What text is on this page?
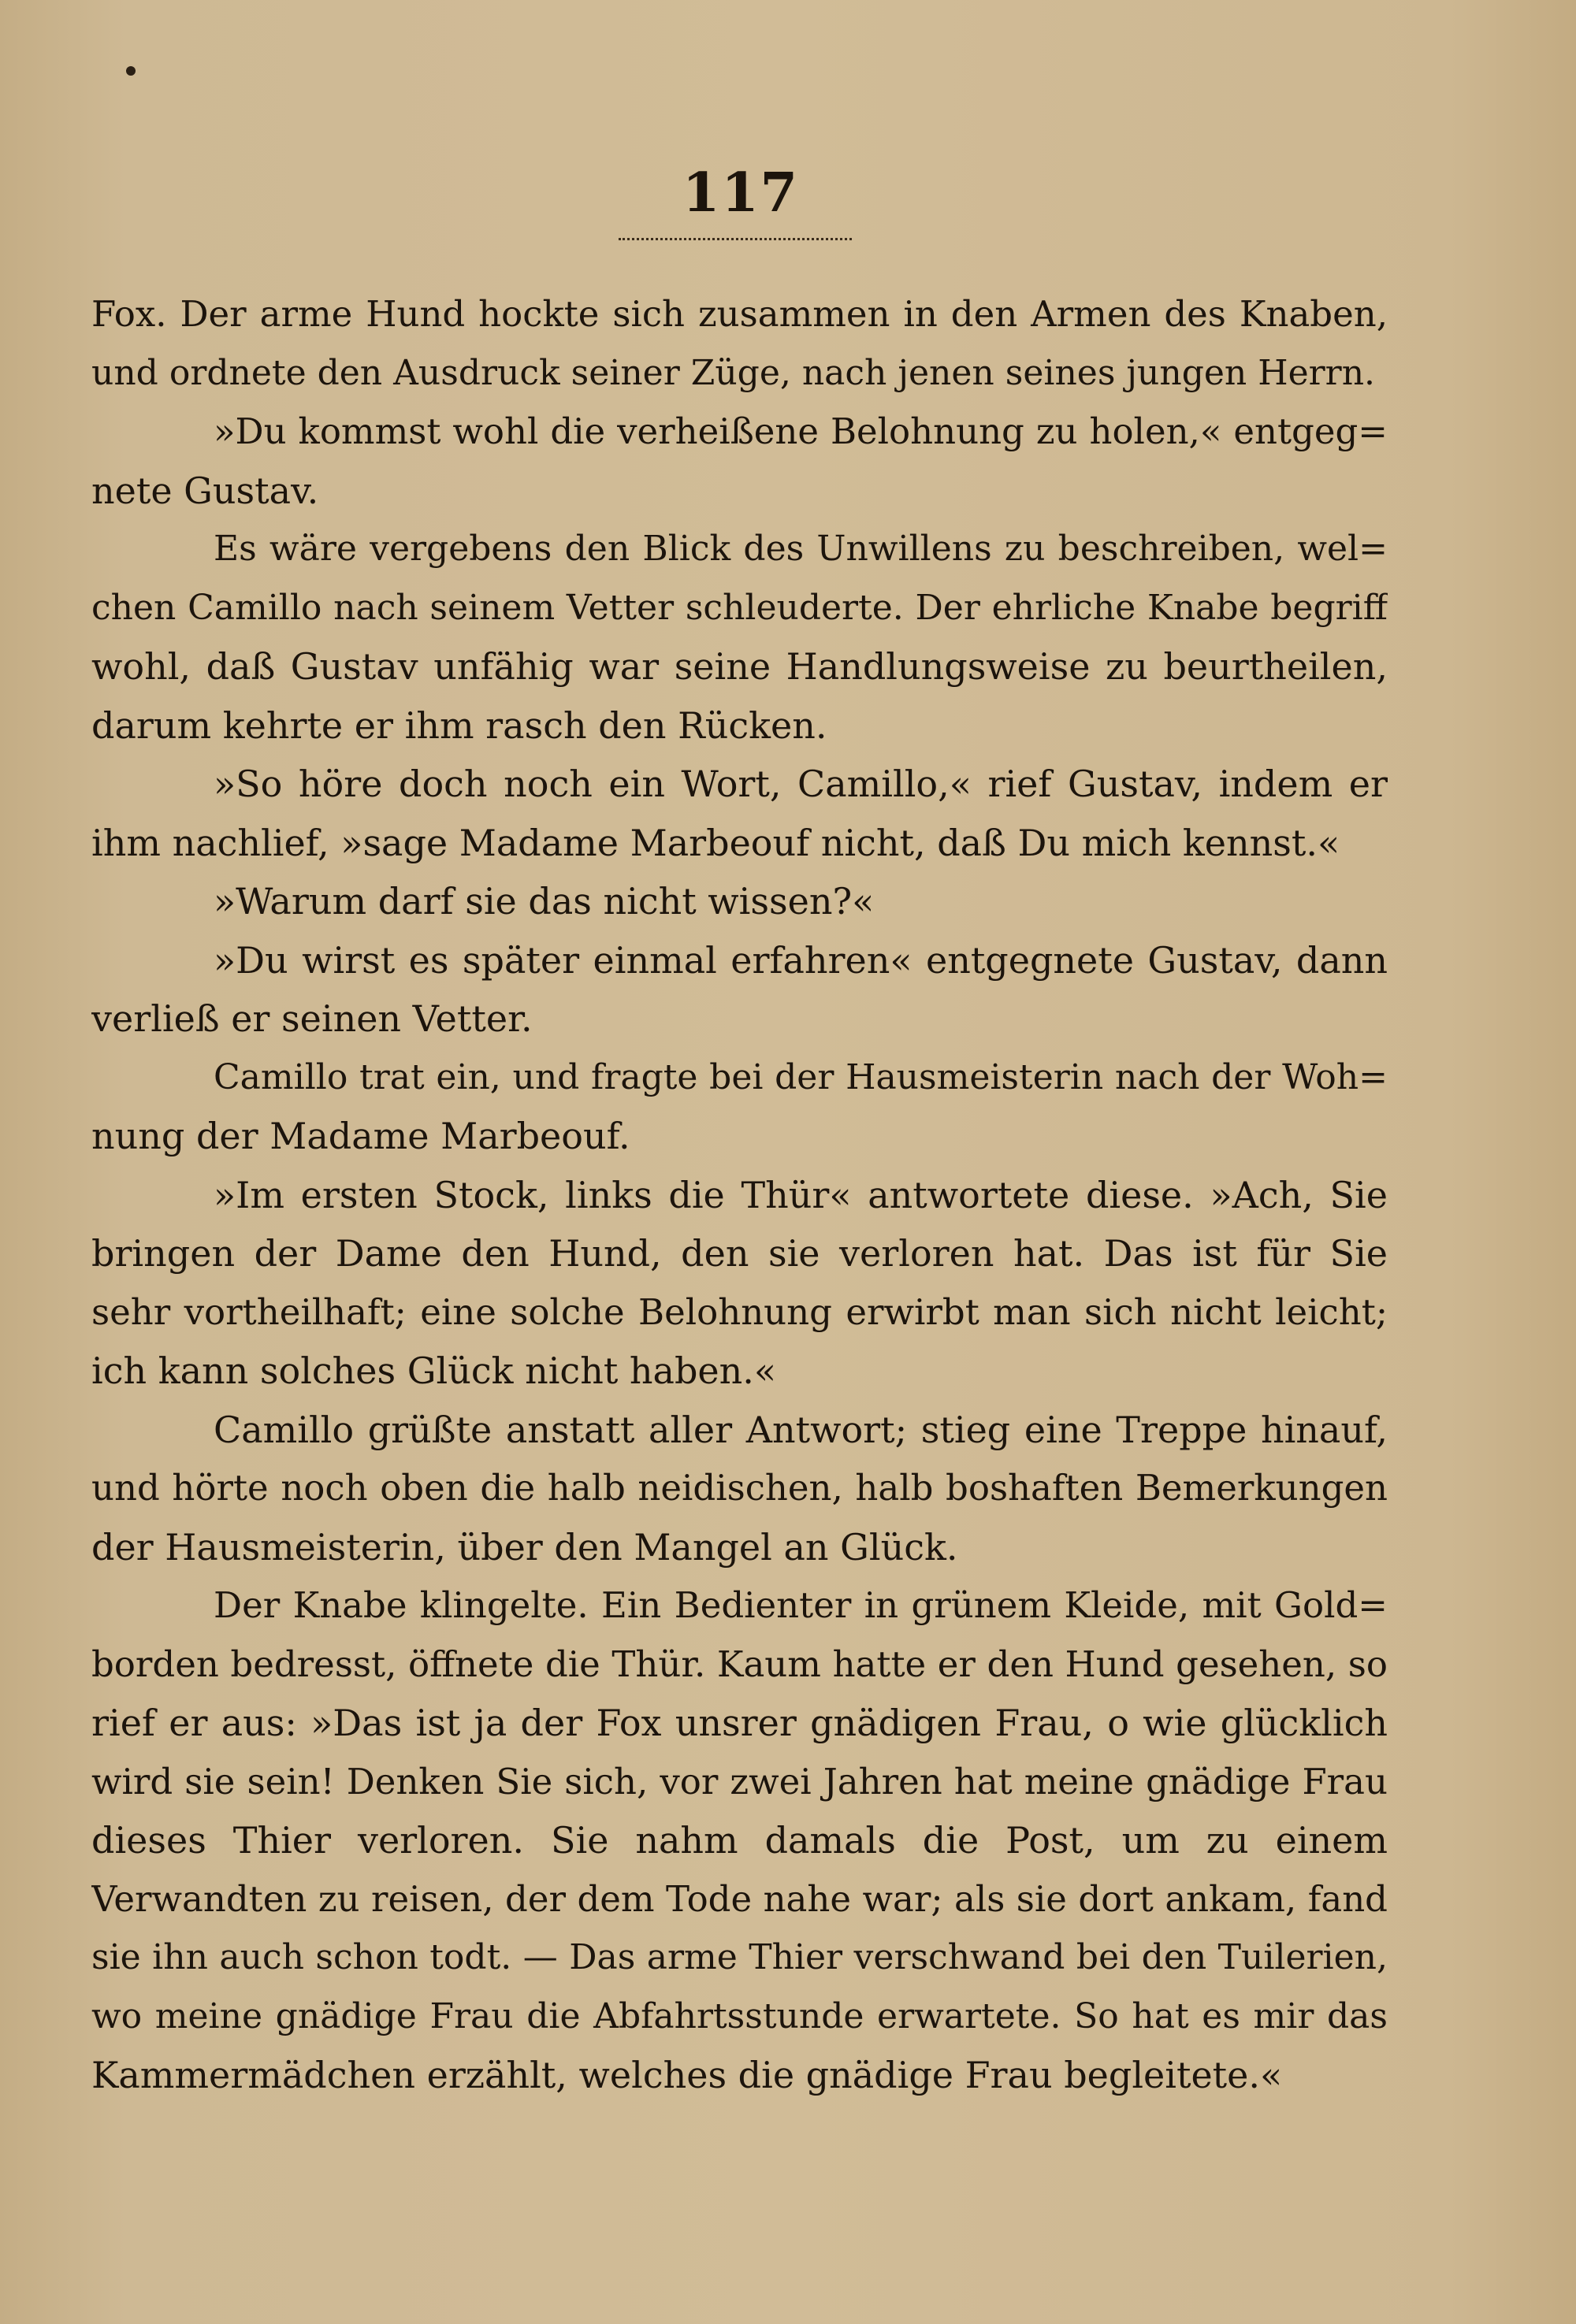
117
Fox. Der arme Hund hockte sich zusammen in den Armen des Knaben,
und ordnete den Ausdruck seiner Züge, nach jenen seines jungen Herrn.
»Du kommst wohl die verheißene Belohnung zu holen,« entgeg=
nete Gustav.
Es wäre vergebens den Blick des Unwillens zu beschreiben, wel=
chen Camillo nach seinem Vetter schleuderte. Der ehrliche Knabe begriff
wohl, daß Gustav unfähig war seine Handlungsweise zu beurtheilen,
darum kehrte er ihm rasch den Rücken.
»So höre doch noch ein Wort, Camillo,« rief Gustav, indem er
ihm nachlief, »sage Madame Marbeouf nicht, daß Du mich kennst.«
»Warum darf sie das nicht wissen?«
»Du wirst es später einmal erfahren« entgegnete Gustav, dann
verließ er seinen Vetter.
Camillo trat ein, und fragte bei der Hausmeisterin nach der Woh=
nung der Madame Marbeouf.
»Im ersten Stock, links die Thür« antwortete diese. »Ach, Sie
bringen der Dame den Hund, den sie verloren hat. Das ist für Sie
sehr vortheilhaft; eine solche Belohnung erwirbt man sich nicht leicht;
ich kann solches Glück nicht haben.«
Camillo grüßte anstatt aller Antwort; stieg eine Treppe hinauf,
und hörte noch oben die halb neidischen, halb boshaften Bemerkungen
der Hausmeisterin, über den Mangel an Glück.
Der Knabe klingelte. Ein Bedienter in grünem Kleide, mit Gold=
borden bedresst, öffnete die Thür. Kaum hatte er den Hund gesehen, so
rief er aus: »Das ist ja der Fox unsrer gnädigen Frau, o wie glücklich
wird sie sein! Denken Sie sich, vor zwei Jahren hat meine gnädige Frau
dieses Thier verloren. Sie nahm damals die Post, um zu einem
Verwandten zu reisen, der dem Tode nahe war; als sie dort ankam, fand
sie ihn auch schon todt. — Das arme Thier verschwand bei den Tuilerien,
wo meine gnädige Frau die Abfahrtsstunde erwartete. So hat es mir das
Kammermädchen erzählt, welches die gnädige Frau begleitete.«
